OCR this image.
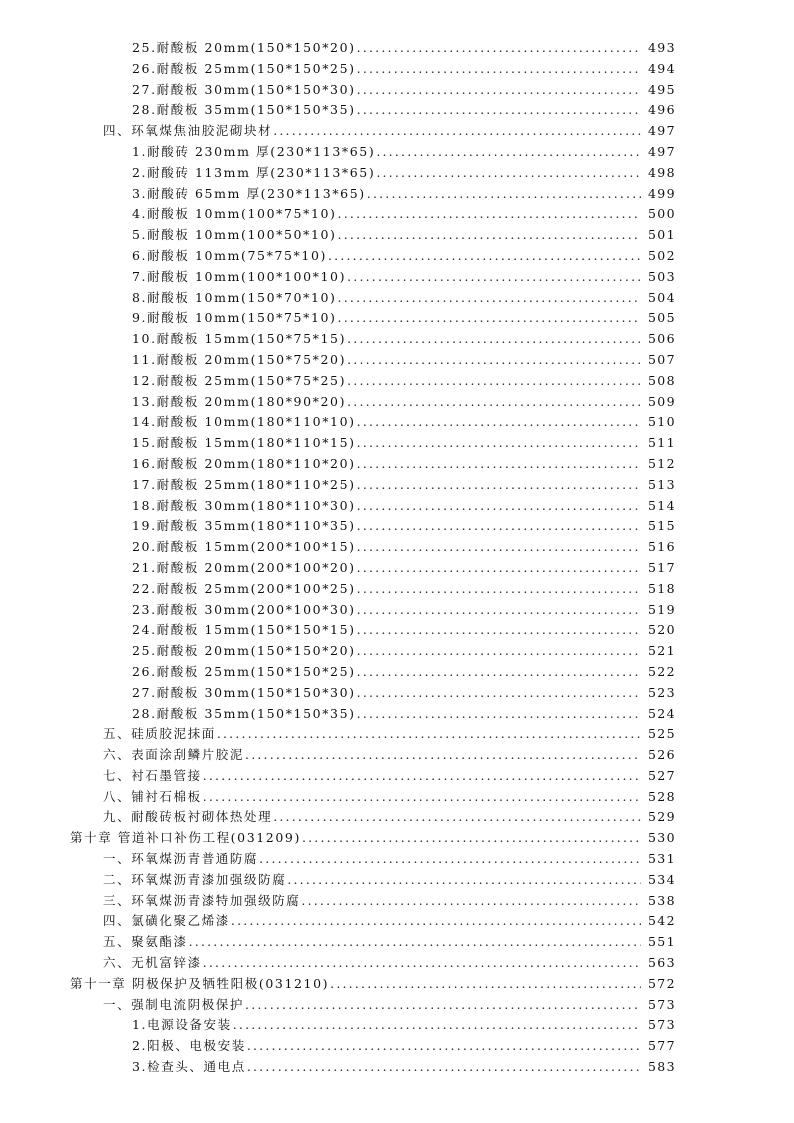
25.耐酸板 20mm(150*150*20) .....	493
26.耐酸板 25mm(150*150*25) .....	494
27.耐酸板 30mm(150*150*30) .....	495
28.耐酸板 35mm(150*150*35) .....	496
四、环氧煤焦油胶泥砌块材 .....	497
1.耐酸砖 230mm 厚(230*113*65) .....	497
2.耐酸砖 113mm 厚(230*113*65) .....	498
3.耐酸砖 65mm 厚(230*113*65) .....	499
4.耐酸板 10mm(100*75*10) .....	500
5.耐酸板 10mm(100*50*10) .....	501
6.耐酸板 10mm(75*75*10) .....	502
7.耐酸板 10mm(100*100*10) .....	503
8.耐酸板 10mm(150*70*10) .....	504
9.耐酸板 10mm(150*75*10) .....	505
10.耐酸板 15mm(150*75*15) .....	506
11.耐酸板 20mm(150*75*20) .....	507
12.耐酸板 25mm(150*75*25) .....	508
13.耐酸板 20mm(180*90*20) .....	509
14.耐酸板 10mm(180*110*10) .....	510
15.耐酸板 15mm(180*110*15) .....	511
16.耐酸板 20mm(180*110*20) .....	512
17.耐酸板 25mm(180*110*25) .....	513
18.耐酸板 30mm(180*110*30) .....	514
19.耐酸板 35mm(180*110*35) .....	515
20.耐酸板 15mm(200*100*15) .....	516
21.耐酸板 20mm(200*100*20) .....	517
22.耐酸板 25mm(200*100*25) .....	518
23.耐酸板 30mm(200*100*30) .....	519
24.耐酸板 15mm(150*150*15) .....	520
25.耐酸板 20mm(150*150*20) .....	521
26.耐酸板 25mm(150*150*25) .....	522
27.耐酸板 30mm(150*150*30) .....	523
28.耐酸板 35mm(150*150*35) .....	524
五、硅质胶泥抹面 .....	525
六、表面涂刮鳞片胶泥 .....	526
七、衬石墨管接 .....	527
八、铺衬石棉板 .....	528
九、耐酸砖板衬砌体热处理 .....	529
第十章 管道补口补伤工程(031209) .....	530
一、环氧煤沥青普通防腐 .....	531
二、环氧煤沥青漆加强级防腐 .....	534
三、环氧煤沥青漆特加强级防腐 .....	538
四、氯磺化聚乙烯漆 .....	542
五、聚氨酯漆 .....	551
六、无机富锌漆 .....	563
第十一章 阴极保护及牺牲阳极(031210) .....	572
一、强制电流阴极保护 .....	573
1.电源设备安装 .....	573
2.阳极、电极安装 .....	577
3.检查头、通电点 .....	583
